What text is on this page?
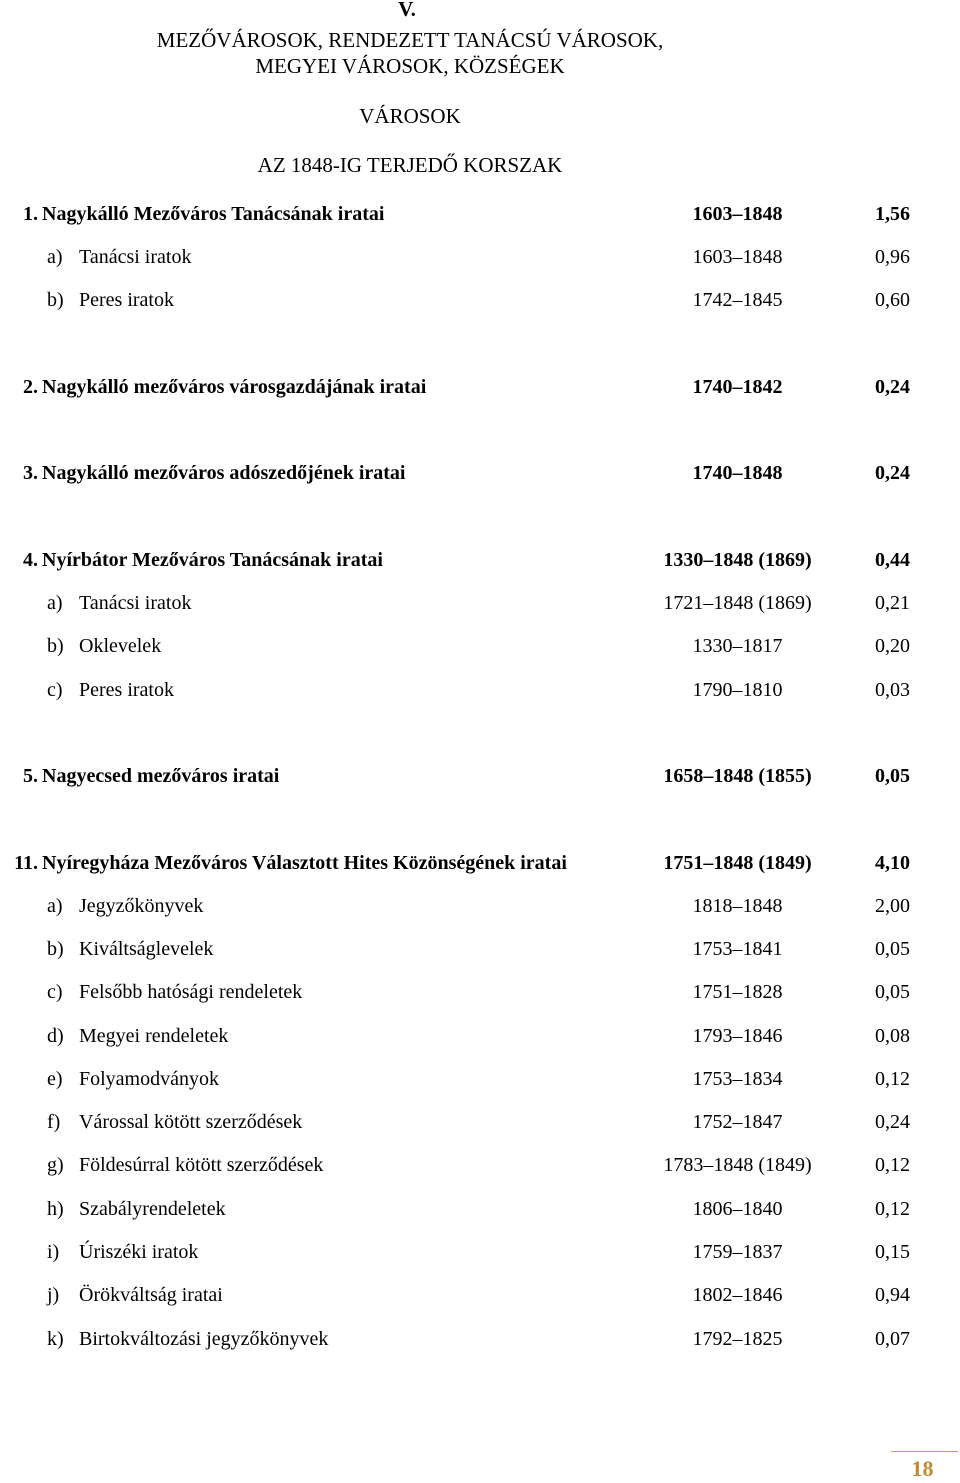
V.
MEZŐVÁROSOK, RENDEZETT TANÁCSÚ VÁROSOK,
MEGYEI VÁROSOK, KÖZSÉGEK
VÁROSOK
AZ 1848-IG TERJEDŐ KORSZAK
1. Nagykálló Mezőváros Tanácsának iratai	1603–1848	1,56
a) Tanácsi iratok	1603–1848	0,96
b) Peres iratok	1742–1845	0,60
2. Nagykálló mezőváros városgazdájának iratai	1740–1842	0,24
3. Nagykálló mezőváros adószedőjének iratai	1740–1848	0,24
4. Nyírbátor Mezőváros Tanácsának iratai	1330–1848 (1869)	0,44
a) Tanácsi iratok	1721–1848 (1869)	0,21
b) Oklevelek	1330–1817	0,20
c) Peres iratok	1790–1810	0,03
5. Nagyecsed mezőváros iratai	1658–1848 (1855)	0,05
11. Nyíregyháza Mezőváros Választott Hites Közönségének iratai	1751–1848 (1849)	4,10
a) Jegyzőkönyvek	1818–1848	2,00
b) Kiváltságlevelek	1753–1841	0,05
c) Felsőbb hatósági rendeletek	1751–1828	0,05
d) Megyei rendeletek	1793–1846	0,08
e) Folyamodványok	1753–1834	0,12
f) Várossal kötött szerződések	1752–1847	0,24
g) Földesúrral kötött szerződések	1783–1848 (1849)	0,12
h) Szabályrendeletek	1806–1840	0,12
i) Úriszéki iratok	1759–1837	0,15
j) Örökváltság iratai	1802–1846	0,94
k) Birtokváltozási jegyzőkönyvek	1792–1825	0,07
18
